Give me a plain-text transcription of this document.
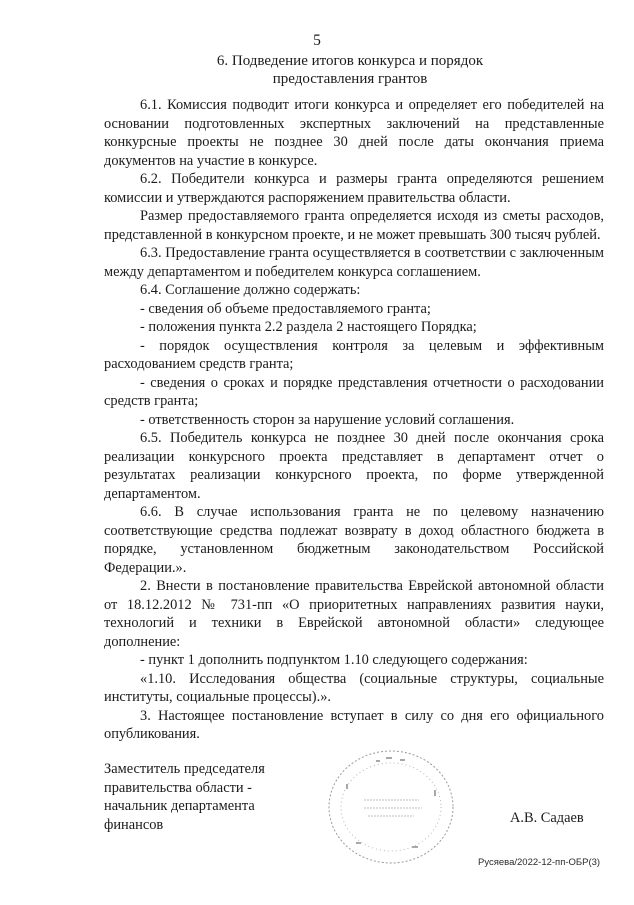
5
6. Подведение итогов конкурса и порядок
предоставления грантов

6.1. Комиссия подводит итоги конкурса и определяет его победителей на основании подготовленных экспертных заключений на представленные конкурсные проекты не позднее 30 дней после даты окончания приема документов на участие в конкурсе.

6.2. Победители конкурса и размеры гранта определяются решением комиссии и утверждаются распоряжением правительства области.

Размер предоставляемого гранта определяется исходя из сметы расходов, представленной в конкурсном проекте, и не может превышать 300 тысяч рублей.

6.3. Предоставление гранта осуществляется в соответствии с заключенным между департаментом и победителем конкурса соглашением.

6.4. Соглашение должно содержать:

- сведения об объеме предоставляемого гранта;

- положения пункта 2.2 раздела 2 настоящего Порядка;

- порядок осуществления контроля за целевым и эффективным расходованием средств гранта;

- сведения о сроках и порядке представления отчетности о расходовании средств гранта;

- ответственность сторон за нарушение условий соглашения.

6.5. Победитель конкурса не позднее 30 дней после окончания срока реализации конкурсного проекта представляет в департамент отчет о результатах реализации конкурсного проекта, по форме утвержденной департаментом.

6.6. В случае использования гранта не по целевому назначению соответствующие средства подлежат возврату в доход областного бюджета в порядке, установленном бюджетным законодательством Российской Федерации.».

2. Внести в постановление правительства Еврейской автономной области от 18.12.2012 № 731-пп «О приоритетных направлениях развития науки, технологий и техники в Еврейской автономной области» следующее дополнение:

- пункт 1 дополнить подпунктом 1.10 следующего содержания:

«1.10. Исследования общества (социальные структуры, социальные институты, социальные процессы).».

3. Настоящее постановление вступает в силу со дня его официального опубликования.

Заместитель председателя
правительства области -
начальник департамента
финансов	А.В. Садаев
Русяева/2022-12-пп-ОБР(3)
